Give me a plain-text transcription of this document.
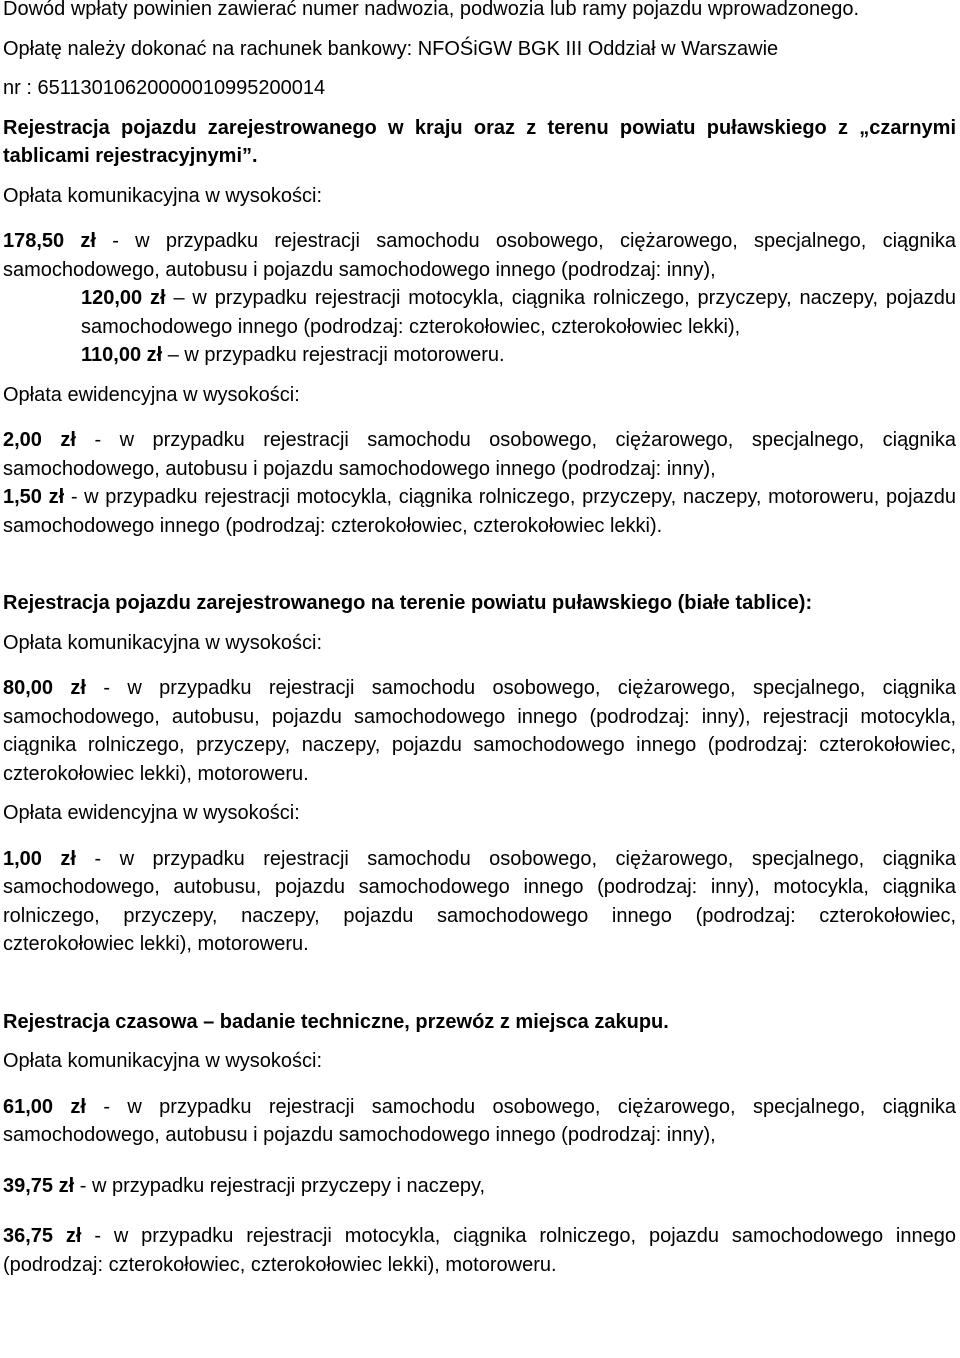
Dowód wpłaty powinien zawierać numer nadwozia, podwozia lub ramy pojazdu wprowadzonego.

Opłatę należy dokonać na rachunek bankowy: NFOŚiGW BGK III Oddział w Warszawie

nr : 65113010620000010995200014

Rejestracja pojazdu zarejestrowanego w kraju oraz z terenu powiatu puławskiego z „czarnymi tablicami rejestracyjnymi”.

Opłata komunikacyjna w wysokości:

178,50 zł - w przypadku rejestracji samochodu osobowego, ciężarowego, specjalnego, ciągnika samochodowego, autobusu i pojazdu samochodowego innego (podrodzaj: inny),

120,00 zł – w przypadku rejestracji motocykla, ciągnika rolniczego, przyczepy, naczepy, pojazdu samochodowego innego (podrodzaj: czterokołowiec, czterokołowiec lekki),

110,00 zł – w przypadku rejestracji motoroweru.

Opłata ewidencyjna w wysokości:

2,00 zł - w przypadku rejestracji samochodu osobowego, ciężarowego, specjalnego, ciągnika samochodowego, autobusu i pojazdu samochodowego innego (podrodzaj: inny),

1,50 zł - w przypadku rejestracji motocykla, ciągnika rolniczego, przyczepy, naczepy, motoroweru, pojazdu samochodowego innego (podrodzaj: czterokołowiec, czterokołowiec lekki).

Rejestracja pojazdu zarejestrowanego na terenie powiatu puławskiego (białe tablice):

Opłata komunikacyjna w wysokości:

80,00 zł - w przypadku rejestracji samochodu osobowego, ciężarowego, specjalnego, ciągnika samochodowego, autobusu, pojazdu samochodowego innego (podrodzaj: inny), rejestracji motocykla, ciągnika rolniczego, przyczepy, naczepy, pojazdu samochodowego innego (podrodzaj: czterokołowiec, czterokołowiec lekki), motoroweru.

Opłata ewidencyjna w wysokości:

1,00 zł - w przypadku rejestracji samochodu osobowego, ciężarowego, specjalnego, ciągnika samochodowego, autobusu, pojazdu samochodowego innego (podrodzaj: inny), motocykla, ciągnika rolniczego, przyczepy, naczepy, pojazdu samochodowego innego (podrodzaj: czterokołowiec, czterokołowiec lekki), motoroweru.

Rejestracja czasowa – badanie techniczne, przewóz z miejsca zakupu.

Opłata komunikacyjna w wysokości:

61,00 zł - w przypadku rejestracji samochodu osobowego, ciężarowego, specjalnego, ciągnika samochodowego, autobusu i pojazdu samochodowego innego (podrodzaj: inny),

39,75 zł - w przypadku rejestracji przyczepy i naczepy,

36,75 zł - w przypadku rejestracji motocykla, ciągnika rolniczego, pojazdu samochodowego innego (podrodzaj: czterokołowiec, czterokołowiec lekki), motoroweru.
